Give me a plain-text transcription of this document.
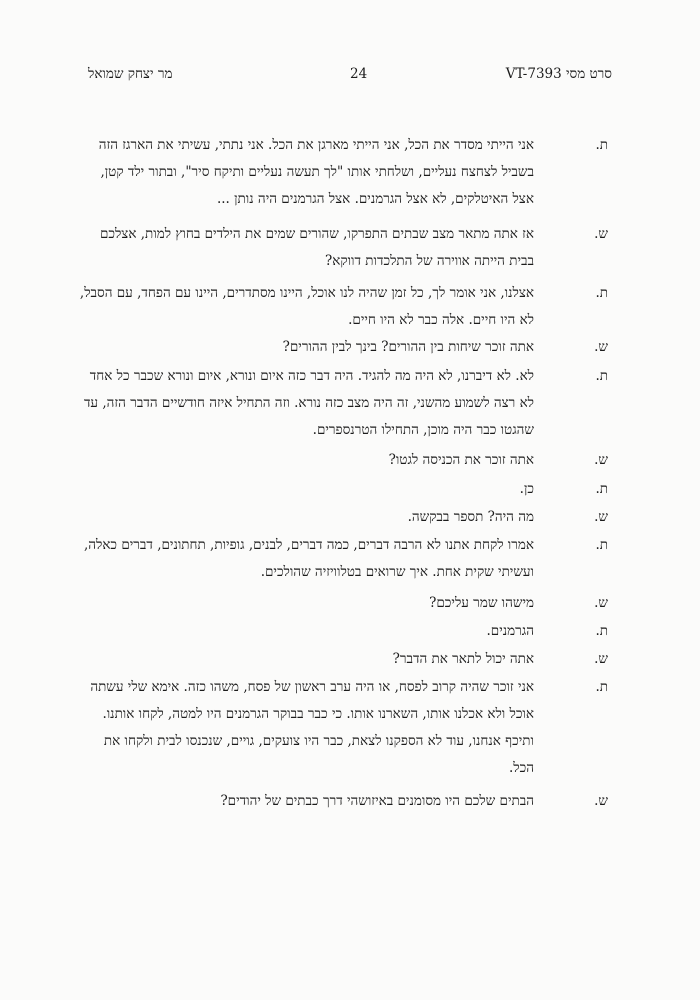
סרט מסי VT-7393
24
מר יצחק שמואל
ת.
אני הייתי מסדר את הכל, אני הייתי מארגן את הכל. אני נתתי, עשיתי את הארגז הזה
בשביל לצחצח נעליים, ושלחתי אותו "לך תעשה נעליים ותיקח סיר", ובתור ילד קטן,
אצל האיטלקים, לא אצל הגרמנים. אצל הגרמנים היה נותן ...
ש.
אז אתה מתאר מצב שבתים התפרקו, שהורים שמים את הילדים בחוץ למות, אצלכם
בבית הייתה אווירה של התלכדות דווקא?
ת.
אצלנו, אני אומר לך, כל זמן שהיה לנו אוכל, היינו מסתדרים, היינו עם הפחד, עם הסבל,
לא היו חיים. אלה כבר לא היו חיים.
ש.
אתה זוכר שיחות בין ההורים? בינך לבין ההורים?
ת.
לא. לא דיברנו, לא היה מה להגיד. היה דבר כזה איום ונורא, איום ונורא שכבר כל אחד
לא רצה לשמוע מהשני, זה היה מצב כזה נורא. וזה התחיל איזה חודשיים הדבר הזה, עד
שהגטו כבר היה מוכן, התחילו הטרנספרים.
ש.
אתה זוכר את הכניסה לגטו?
ת.
כן.
ש.
מה היה? תספר בבקשה.
ת.
אמרו לקחת אתנו לא הרבה דברים, כמה דברים, לבנים, גופיות, תחתונים, דברים כאלה,
ועשיתי שקית אחת. איך שרואים בטלוויזיה שהולכים.
ש.
מישהו שמר עליכם?
ת.
הגרמנים.
ש.
אתה יכול לתאר את הדבר?
ת.
אני זוכר שהיה קרוב לפסח, או היה ערב ראשון של פסח, משהו כזה. אימא שלי עשתה
אוכל ולא אכלנו אותו, השארנו אותו. כי כבר בבוקר הגרמנים היו למטה, לקחו אותנו.
ותיכף אנחנו, עוד לא הספקנו לצאת, כבר היו צועקים, גויים, שנכנסו לבית ולקחו את
הכל.
ש.
הבתים שלכם היו מסומנים באיזושהי דרך כבתים של יהודים?
